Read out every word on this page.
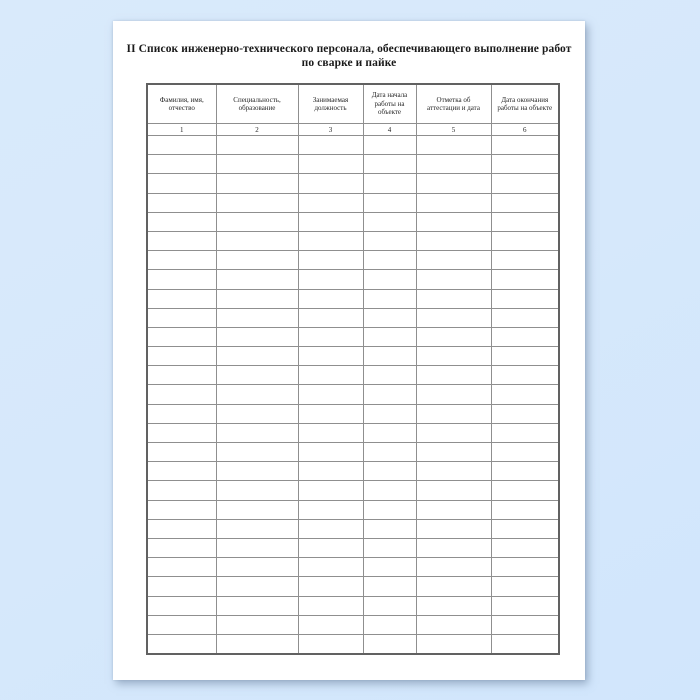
II Список инженерно-технического персонала, обеспечивающего выполнение работ по сварке и пайке
Фамилия, имя, отчество	Специальность, образование	Занимаемая должность	Дата начала работы на объекте	Отметка об аттестации и дата	Дата окончания работы на объекте
1	2	3	4	5	6
